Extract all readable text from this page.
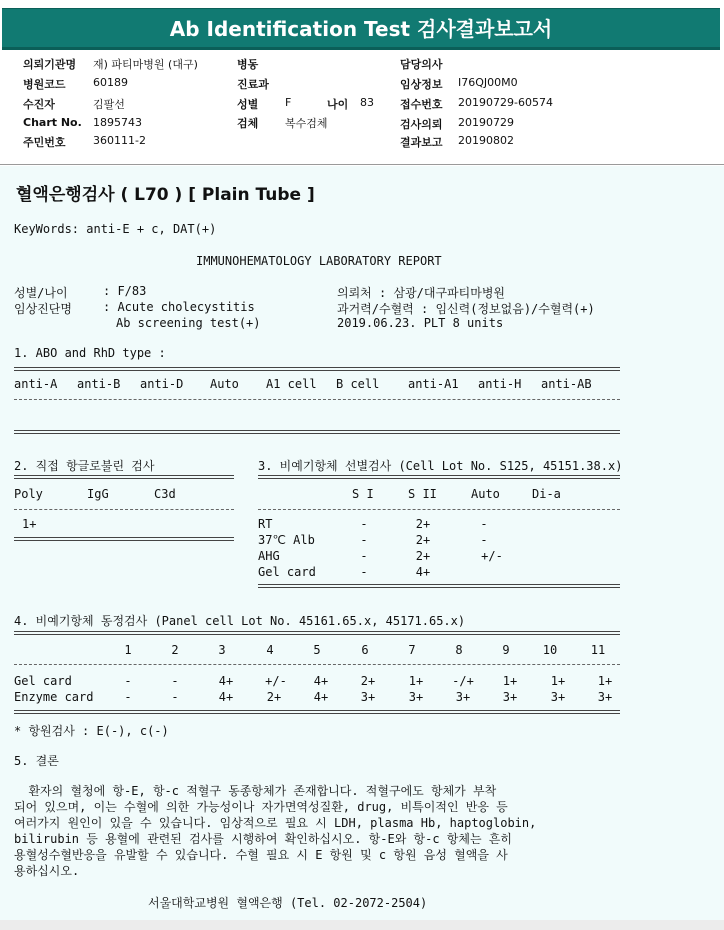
Ab Identification Test 검사결과보고서
의뢰기관명 재) 파티마병원 (대구)
병원코드 60189
수진자	김팔선
Chart No. 1895743
주민번호 360111-2
병동
진료과
성별 F	나이 83
검체 복수검체
담당의사
임상정보 I76QJ00M0
접수번호 20190729-60574
검사의뢰 20190729
결과보고 20190802
혈액은행검사 ( L70 ) [ Plain Tube ]
KeyWords: anti-E + c, DAT(+)
IMMUNOHEMATOLOGY LABORATORY REPORT
성별/나이	: F/83
임상진단명	: Acute cholecystitis
Ab screening test(+)
의뢰처 : 삼광/대구파티마병원
과거력/수혈력 : 임신력(정보없음)/수혈력(+)
2019.06.23. PLT 8 units
1. ABO and RhD type :
anti-A anti-B anti-D Auto A1 cell B cell anti-A1 anti-H anti-AB
2. 직접 항글로불린 검사
Poly	IgG	C3d
1+
3. 비예기항체 선별검사 (Cell Lot No. S125, 45151.38.x)
S I	S II	Auto	Di-a
RT	-	2+	-
37℃ Alb	-	2+	-
AHG	-	2+	+/-
Gel card	-	4+
4. 비예기항체 동정검사 (Panel cell Lot No. 45161.65.x, 45171.65.x)
1	2	3	4	5	6	7	8	9	10	11
Gel card	-	-	4+	+/-	4+	2+	1+	-/+	1+	1+	1+
Enzyme card	-	-	4+	2+	4+	3+	3+	3+	3+	3+	3+
* 항원검사 : E(-), c(-)
5. 결론
환자의 혈청에 항-E, 항-c 적혈구 동종항체가 존재합니다. 적혈구에도 항체가 부착
되어 있으며, 이는 수혈에 의한 가능성이나 자가면역성질환, drug, 비특이적인 반응 등
여러가지 원인이 있을 수 있습니다. 임상적으로 필요 시 LDH, plasma Hb, haptoglobin,
bilirubin 등 용혈에 관련된 검사를 시행하여 확인하십시오. 항-E와 항-c 항체는 흔히
용혈성수혈반응을 유발할 수 있습니다. 수혈 필요 시 E 항원 및 c 항원 음성 혈액을 사
용하십시오.
서울대학교병원 혈액은행 (Tel. 02-2072-2504)
